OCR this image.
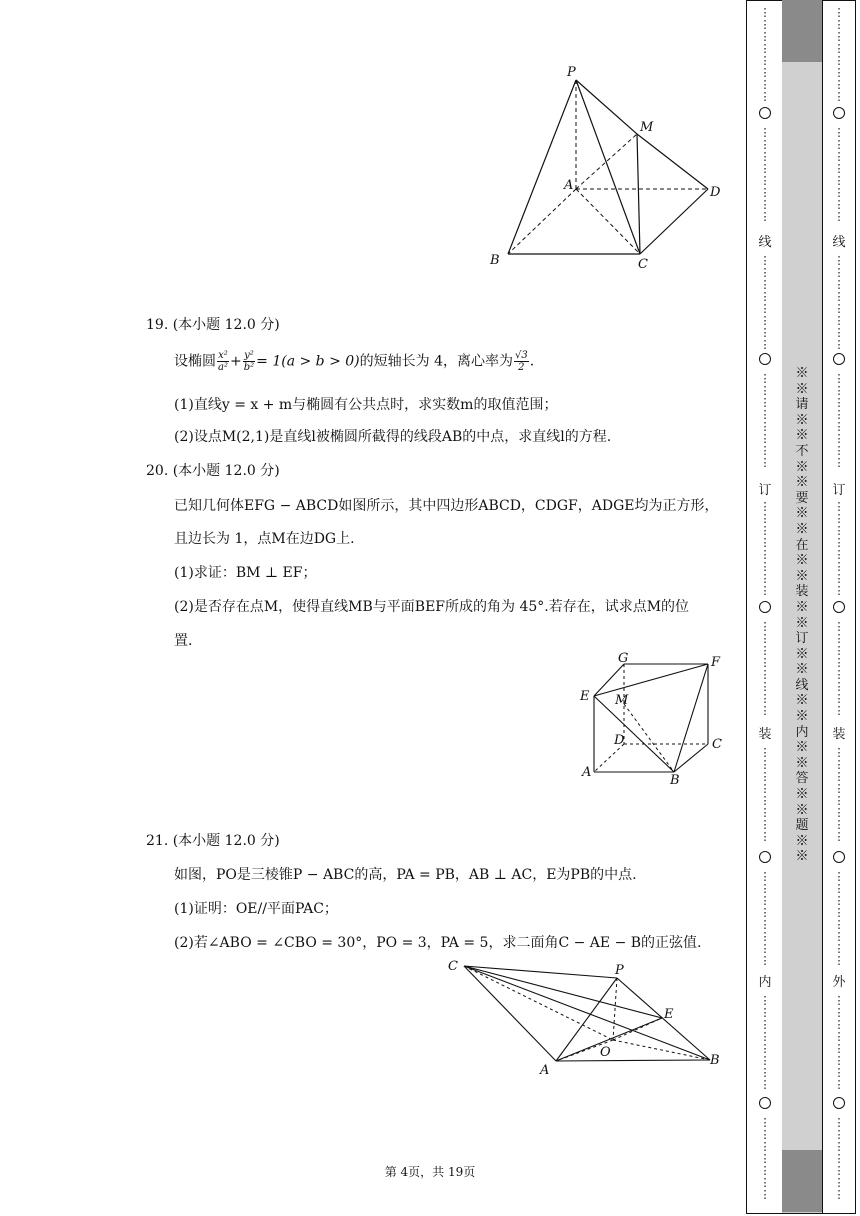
P
M
A	D
B	C
19. (本小题 12.0 分)
设椭圆 $\frac{\text{x²}}{\text{a²}} + \frac{\text{y²}}{\text{b²}} = 1(a > b > 0)$的短轴长为 4，离心率为 $\frac{√3}{2}$ .
(1)直线y = x + m与椭圆有公共点时，求实数m的取值范围；
(2)设点M(2,1)是直线l被椭圆所截得的线段AB的中点，求直线l的方程.
20. (本小题 12.0 分)
已知几何体EFG − ABCD如图所示，其中四边形ABCD，CDGF，ADGE均为正方形，
且边长为 1，点M在边DG上.
(1)求证：BM ⊥ EF；
(2)是否存在点M，使得直线MB与平面BEF所成的角为 45°.若存在，试求点M的位
置.
G	F
E M
D	C
A
B
21. (本小题 12.0 分)
如图，PO是三棱锥P − ABC的高，PA = PB，AB ⊥ AC，E为PB的中点.
(1)证明：OE//平面PAC；
(2)若∠ABO = ∠CBO = 30°，PO = 3，PA = 5，求二面角C − AE − B的正弦值.
C	P
E
O
A
B
第 4页，共 19页
⋮
⋮
⋮
⋮
⋮
⋮
⋮
⋮
⋮
⋮
⋮
⋮
⋮
⋮
⋮
⋮
线
⋮
⋮
⋮
⋮
⋮
⋮
⋮
⋮
⋮
⋮
⋮
⋮
⋮
⋮
⋮
⋮
订
⋮
⋮
⋮
⋮
⋮
⋮
⋮
⋮
⋮
⋮
⋮
⋮
⋮
⋮
⋮
⋮
装
⋮
⋮
⋮
⋮
⋮
⋮
⋮
⋮
⋮
⋮
⋮
⋮
⋮
⋮
⋮
⋮
内
⋮
⋮
⋮
⋮
⋮
⋮
⋮
⋮
⋮
⋮
⋮
⋮
⋮
⋮
⋮
※※请※※不※※要※※在※※装※※订※※线※※内※※答※※题※※
⋮
⋮
⋮
⋮
⋮
⋮
⋮
⋮
⋮
⋮
⋮
⋮
⋮
⋮
⋮
⋮
线
⋮
⋮
⋮
⋮
⋮
⋮
⋮
⋮
⋮
⋮
⋮
⋮
⋮
⋮
⋮
⋮
订
⋮
⋮
⋮
⋮
⋮
⋮
⋮
⋮
⋮
⋮
⋮
⋮
⋮
⋮
⋮
⋮
装
⋮
⋮
⋮
⋮
⋮
⋮
⋮
⋮
⋮
⋮
⋮
⋮
⋮
⋮
⋮
⋮
外
⋮
⋮
⋮
⋮
⋮
⋮
⋮
⋮
⋮
⋮
⋮
⋮
⋮
⋮
⋮
